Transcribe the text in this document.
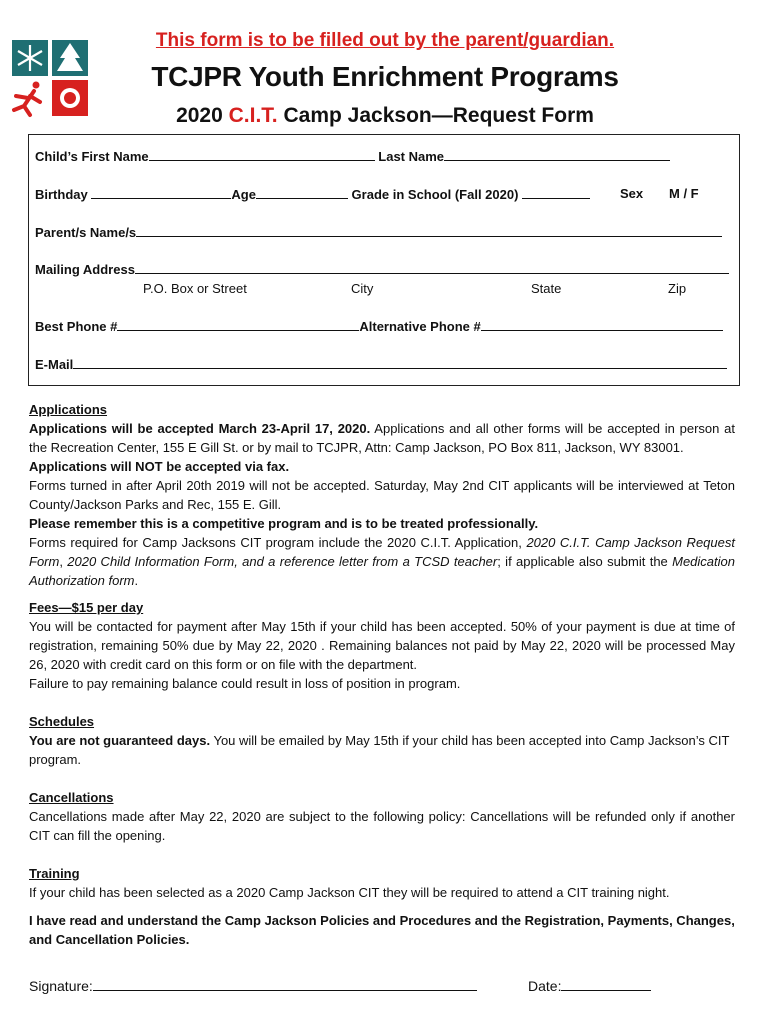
This form is to be filled out by the parent/guardian.
TCJPR Youth Enrichment Programs
2020 C.I.T. Camp Jackson—Request Form
Child’s First Name	Last Name
Birthday	Age	Grade in School (Fall 2020)	Sex M / F
Parent/s Name/s
Mailing Address
P.O. Box or Street	City	State	Zip
Best Phone #	Alternative Phone #
E-Mail

Applications

Applications will be accepted March 23-April 17, 2020. Applications and all other forms will be accepted in person at the Recreation Center, 155 E Gill St. or by mail to TCJPR, Attn: Camp Jackson, PO Box 811, Jackson, WY 83001.

Applications will NOT be accepted via fax.

Forms turned in after April 20th 2019 will not be accepted. Saturday, May 2nd CIT applicants will be interviewed at Teton County/Jackson Parks and Rec, 155 E. Gill.

Please remember this is a competitive program and is to be treated professionally.

Forms required for Camp Jacksons CIT program include the 2020 C.I.T. Application, 2020 C.I.T. Camp Jackson Request Form, 2020 Child Information Form, and a reference letter from a TCSD teacher; if applicable also submit the Medication Authorization form.

Fees—$15 per day

You will be contacted for payment after May 15th if your child has been accepted. 50% of your payment is due at time of registration, remaining 50% due by May 22, 2020 . Remaining balances not paid by May 22, 2020 will be processed May 26, 2020 with credit card on this form or on file with the department.

Failure to pay remaining balance could result in loss of position in program.

Schedules

You are not guaranteed days. You will be emailed by May 15th if your child has been accepted into Camp Jackson’s CIT program.

Cancellations

Cancellations made after May 22, 2020 are subject to the following policy: Cancellations will be refunded only if another CIT can fill the opening.

Training

If your child has been selected as a 2020 Camp Jackson CIT they will be required to attend a CIT training night.

I have read and understand the Camp Jackson Policies and Procedures and the Registration, Payments, Changes, and Cancellation Policies.
Signature:	Date:
